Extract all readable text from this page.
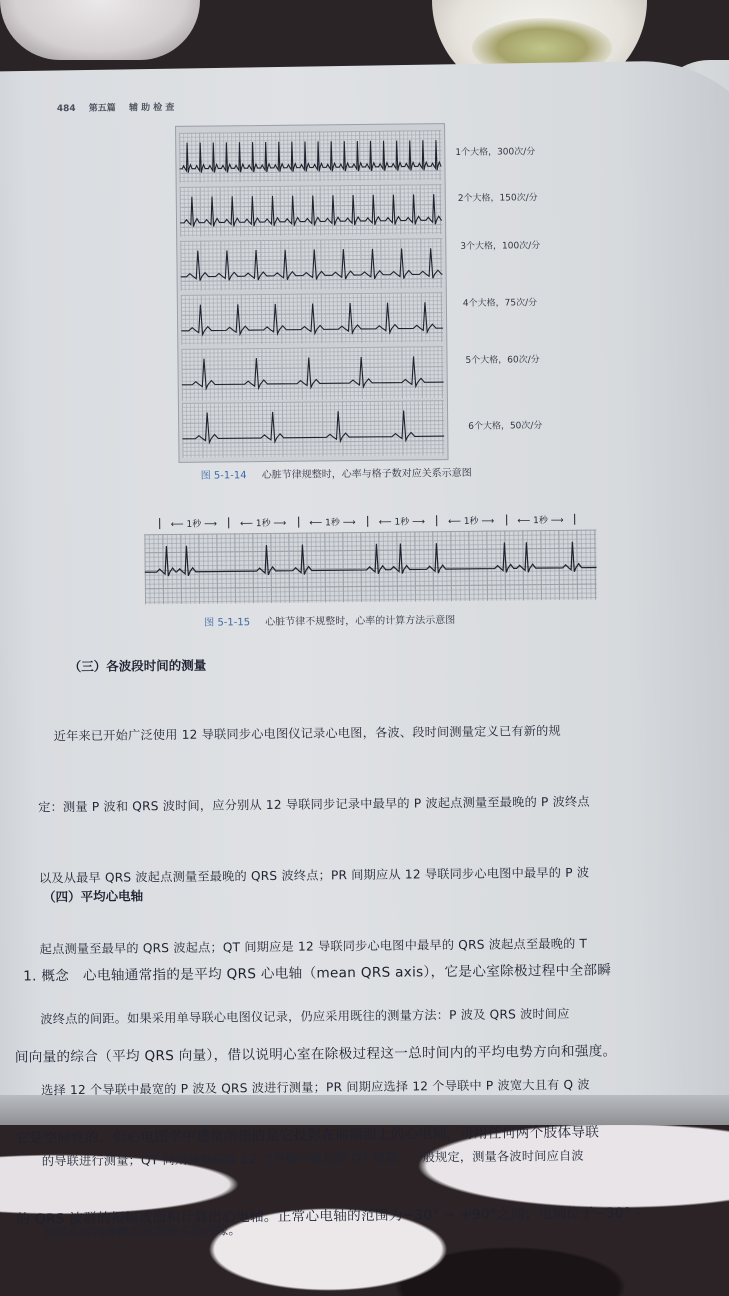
484 第五篇 辅 助 检 查
图 5-1-14 心脏节律规整时，心率与格子数对应关系示意图
⟵ 1秒 ⟶	⟵ 1秒 ⟶	⟵ 1秒 ⟶	⟵ 1秒 ⟶	⟵ 1秒 ⟶	⟵ 1秒 ⟶
图 5-1-15 心脏节律不规整时，心率的计算方法示意图
（三）各波段时间的测量

近年来已开始广泛使用 12 导联同步心电图仪记录心电图，各波、段时间测量定义已有新的规

定：测量 P 波和 QRS 波时间，应分别从 12 导联同步记录中最早的 P 波起点测量至最晚的 P 波终点

以及从最早 QRS 波起点测量至最晚的 QRS 波终点；PR 间期应从 12 导联同步心电图中最早的 P 波

起点测量至最早的 QRS 波起点；QT 间期应是 12 导联同步心电图中最早的 QRS 波起点至最晚的 T

波终点的间距。如果采用单导联心电图仪记录，仍应采用既往的测量方法：P 波及 QRS 波时间应

选择 12 个导联中最宽的 P 波及 QRS 波进行测量；PR 间期应选择 12 个导联中 P 波宽大且有 Q 波

的导联进行测量；QT 间期测量应取 12 个导联中最长的 QT 间期。一般规定，测量各波时间应自波

形起点的内缘测至波形终点的内缘。

（四）平均心电轴

1. 概念   心电轴通常指的是平均 QRS 心电轴（mean QRS axis），它是心室除极过程中全部瞬

间向量的综合（平均 QRS 向量），借以说明心室在除极过程这一总时间内的平均电势方向和强度。

它是空间性的，但心电图学中通常所指的是它投影在前额面上的心电轴，可用任何两个肢体导联

的 QRS 波群的振幅或面积计算出心电轴。正常心电轴的范围为−30° ~ +90°之间；电轴位于−30° -

1个大格，300次/分
2个大格，150次/分
3个大格，100次/分
4个大格，75次/分
5个大格，60次/分
6个大格，50次/分
